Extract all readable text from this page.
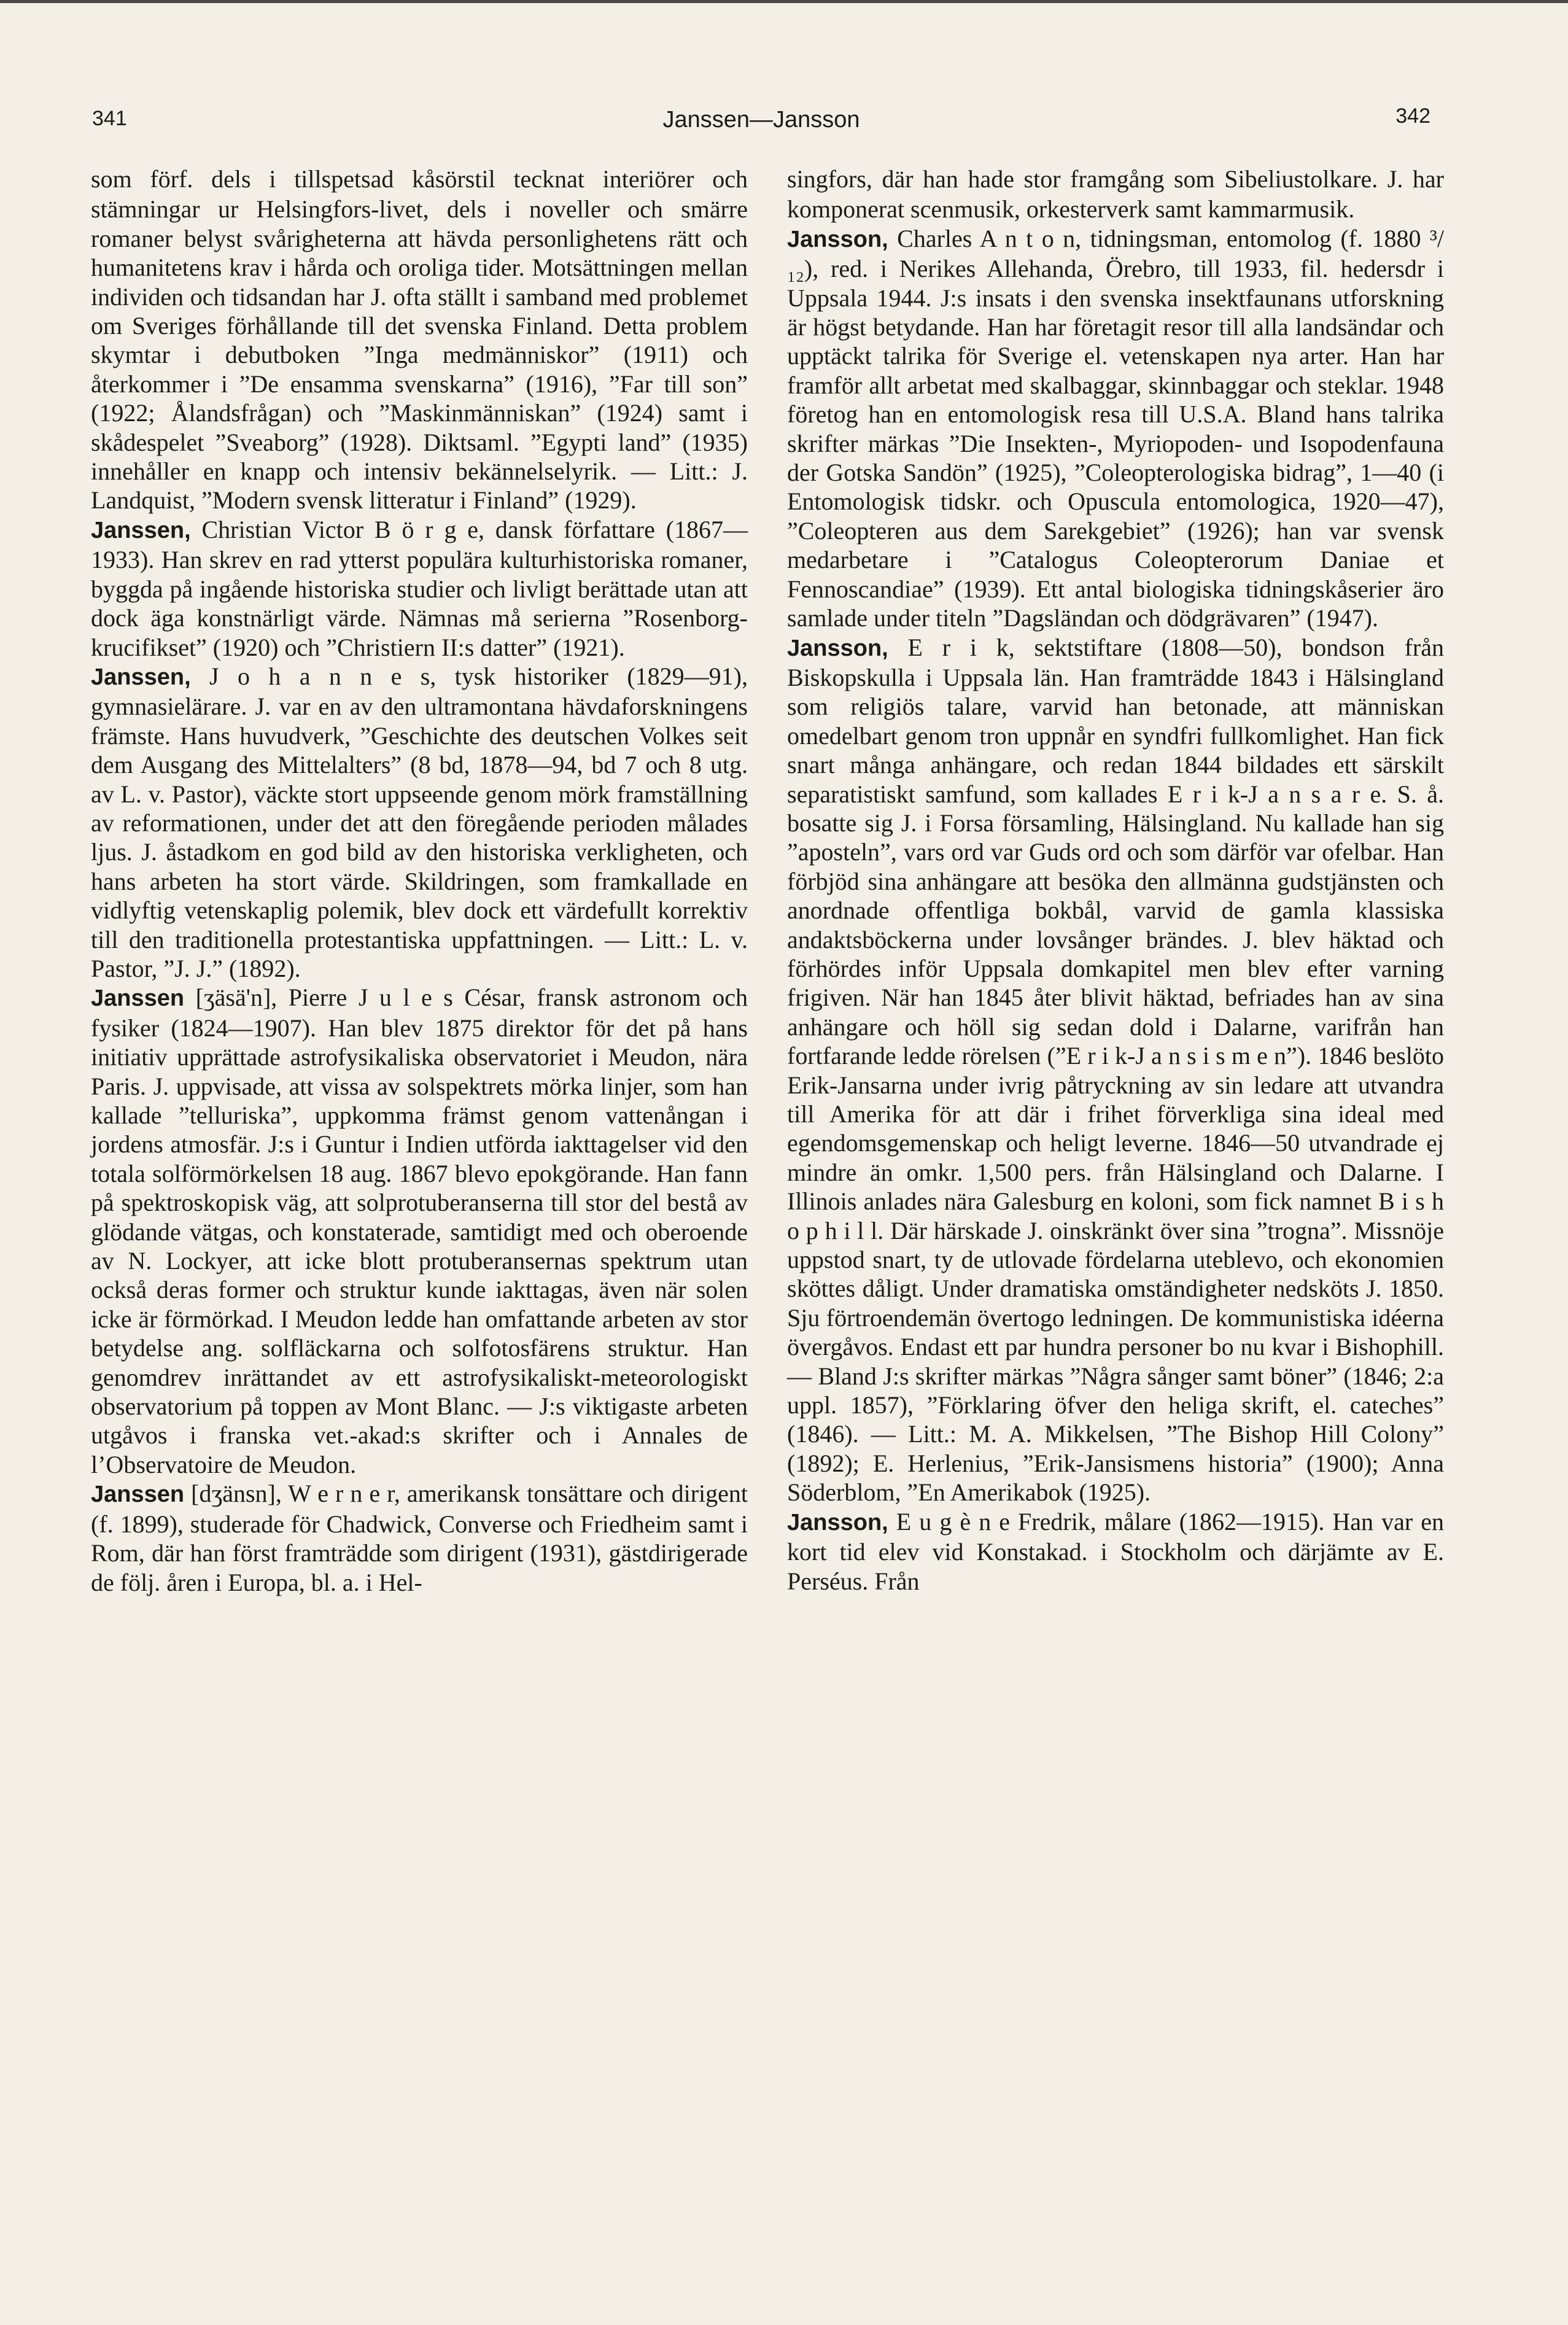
341	Janssen—Jansson	342

som förf. dels i tillspetsad kåsörstil tecknat interiörer och stämningar ur Helsingfors-livet, dels i noveller och smärre romaner belyst svårigheterna att hävda personlighetens rätt och humanitetens krav i hårda och oroliga tider. Motsättningen mellan individen och tidsandan har J. ofta ställt i samband med problemet om Sveriges förhållande till det svenska Finland. Detta problem skymtar i debutboken ”Inga medmänniskor” (1911) och återkommer i ”De ensamma svenskarna” (1916), ”Far till son” (1922; Ålandsfrågan) och ”Maskinmänniskan” (1924) samt i skådespelet ”Sveaborg” (1928). Diktsaml. ”Egypti land” (1935) innehåller en knapp och intensiv bekännelselyrik. — Litt.: J. Landquist, ”Modern svensk litteratur i Finland” (1929).

Janssen, Christian Victor B ö r g e, dansk författare (1867—1933). Han skrev en rad ytterst populära kulturhistoriska romaner, byggda på ingående historiska studier och livligt berättade utan att dock äga konstnärligt värde. Nämnas må serierna ”Rosenborg-krucifikset” (1920) och ”Christiern II:s datter” (1921).

Janssen, J o h a n n e s, tysk historiker (1829—91), gymnasielärare. J. var en av den ultramontana hävdaforskningens främste. Hans huvudverk, ”Geschichte des deutschen Volkes seit dem Ausgang des Mittelalters” (8 bd, 1878—94, bd 7 och 8 utg. av L. v. Pastor), väckte stort uppseende genom mörk framställning av reformationen, under det att den föregående perioden målades ljus. J. åstadkom en god bild av den historiska verkligheten, och hans arbeten ha stort värde. Skildringen, som framkallade en vidlyftig vetenskaplig polemik, blev dock ett värdefullt korrektiv till den traditionella protestantiska uppfattningen. — Litt.: L. v. Pastor, ”J. J.” (1892).

Janssen [ʒäsä'n], Pierre J u l e s César, fransk astronom och fysiker (1824—1907). Han blev 1875 direktor för det på hans initiativ upprättade astrofysikaliska observatoriet i Meudon, nära Paris. J. uppvisade, att vissa av solspektrets mörka linjer, som han kallade ”telluriska”, uppkomma främst genom vattenångan i jordens atmosfär. J:s i Guntur i Indien utförda iakttagelser vid den totala solförmörkelsen 18 aug. 1867 blevo epokgörande. Han fann på spektroskopisk väg, att solprotuberanserna till stor del bestå av glödande vätgas, och konstaterade, samtidigt med och oberoende av N. Lockyer, att icke blott protuberansernas spektrum utan också deras former och struktur kunde iakttagas, även när solen icke är förmörkad. I Meudon ledde han omfattande arbeten av stor betydelse ang. solfläckarna och solfotosfärens struktur. Han genomdrev inrättandet av ett astrofysikaliskt-meteorologiskt observatorium på toppen av Mont Blanc. — J:s viktigaste arbeten utgåvos i franska vet.-akad:s skrifter och i Annales de l’Observatoire de Meudon.

Janssen [dʒänsn], W e r n e r, amerikansk tonsättare och dirigent (f. 1899), studerade för Chadwick, Converse och Friedheim samt i Rom, där han först framträdde som dirigent (1931), gästdirigerade de följ. åren i Europa, bl. a. i Hel-

singfors, där han hade stor framgång som Sibeliustolkare. J. har komponerat scenmusik, orkesterverk samt kammarmusik.

Jansson, Charles A n t o n, tidningsman, entomolog (f. 1880 ³/₁₂), red. i Nerikes Allehanda, Örebro, till 1933, fil. hedersdr i Uppsala 1944. J:s insats i den svenska insektfaunans utforskning är högst betydande. Han har företagit resor till alla landsändar och upptäckt talrika för Sverige el. vetenskapen nya arter. Han har framför allt arbetat med skalbaggar, skinnbaggar och steklar. 1948 företog han en entomologisk resa till U.S.A. Bland hans talrika skrifter märkas ”Die Insekten-, Myriopoden- und Isopodenfauna der Gotska Sandön” (1925), ”Coleopterologiska bidrag”, 1—40 (i Entomologisk tidskr. och Opuscula entomologica, 1920—47), ”Coleopteren aus dem Sarekgebiet” (1926); han var svensk medarbetare i ”Catalogus Coleopterorum Daniae et Fennoscandiae” (1939). Ett antal biologiska tidningskåserier äro samlade under titeln ”Dagsländan och dödgrävaren” (1947).

Jansson, E r i k, sektstiftare (1808—50), bondson från Biskopskulla i Uppsala län. Han framträdde 1843 i Hälsingland som religiös talare, varvid han betonade, att människan omedelbart genom tron uppnår en syndfri fullkomlighet. Han fick snart många anhängare, och redan 1844 bildades ett särskilt separatistiskt samfund, som kallades E r i k-J a n s a r e. S. å. bosatte sig J. i Forsa församling, Hälsingland. Nu kallade han sig ”aposteln”, vars ord var Guds ord och som därför var ofelbar. Han förbjöd sina anhängare att besöka den allmänna gudstjänsten och anordnade offentliga bokbål, varvid de gamla klassiska andaktsböckerna under lovsånger brändes. J. blev häktad och förhördes inför Uppsala domkapitel men blev efter varning frigiven. När han 1845 åter blivit häktad, befriades han av sina anhängare och höll sig sedan dold i Dalarne, varifrån han fortfarande ledde rörelsen (”E r i k-J a n s i s m e n”). 1846 beslöto Erik-Jansarna under ivrig påtryckning av sin ledare att utvandra till Amerika för att där i frihet förverkliga sina ideal med egendomsgemenskap och heligt leverne. 1846—50 utvandrade ej mindre än omkr. 1,500 pers. från Hälsingland och Dalarne. I Illinois anlades nära Galesburg en koloni, som fick namnet B i s h o p h i l l. Där härskade J. oinskränkt över sina ”trogna”. Missnöje uppstod snart, ty de utlovade fördelarna uteblevo, och ekonomien sköttes dåligt. Under dramatiska omständigheter nedsköts J. 1850. Sju förtroendemän övertogo ledningen. De kommunistiska idéerna övergåvos. Endast ett par hundra personer bo nu kvar i Bishophill. — Bland J:s skrifter märkas ”Några sånger samt böner” (1846; 2:a uppl. 1857), ”Förklaring öfver den heliga skrift, el. cateches” (1846). — Litt.: M. A. Mikkelsen, ”The Bishop Hill Colony” (1892); E. Herlenius, ”Erik-Jansismens historia” (1900); Anna Söderblom, ”En Amerikabok (1925).

Jansson, E u g è n e Fredrik, målare (1862—1915). Han var en kort tid elev vid Konstakad. i Stockholm och därjämte av E. Perséus. Från
